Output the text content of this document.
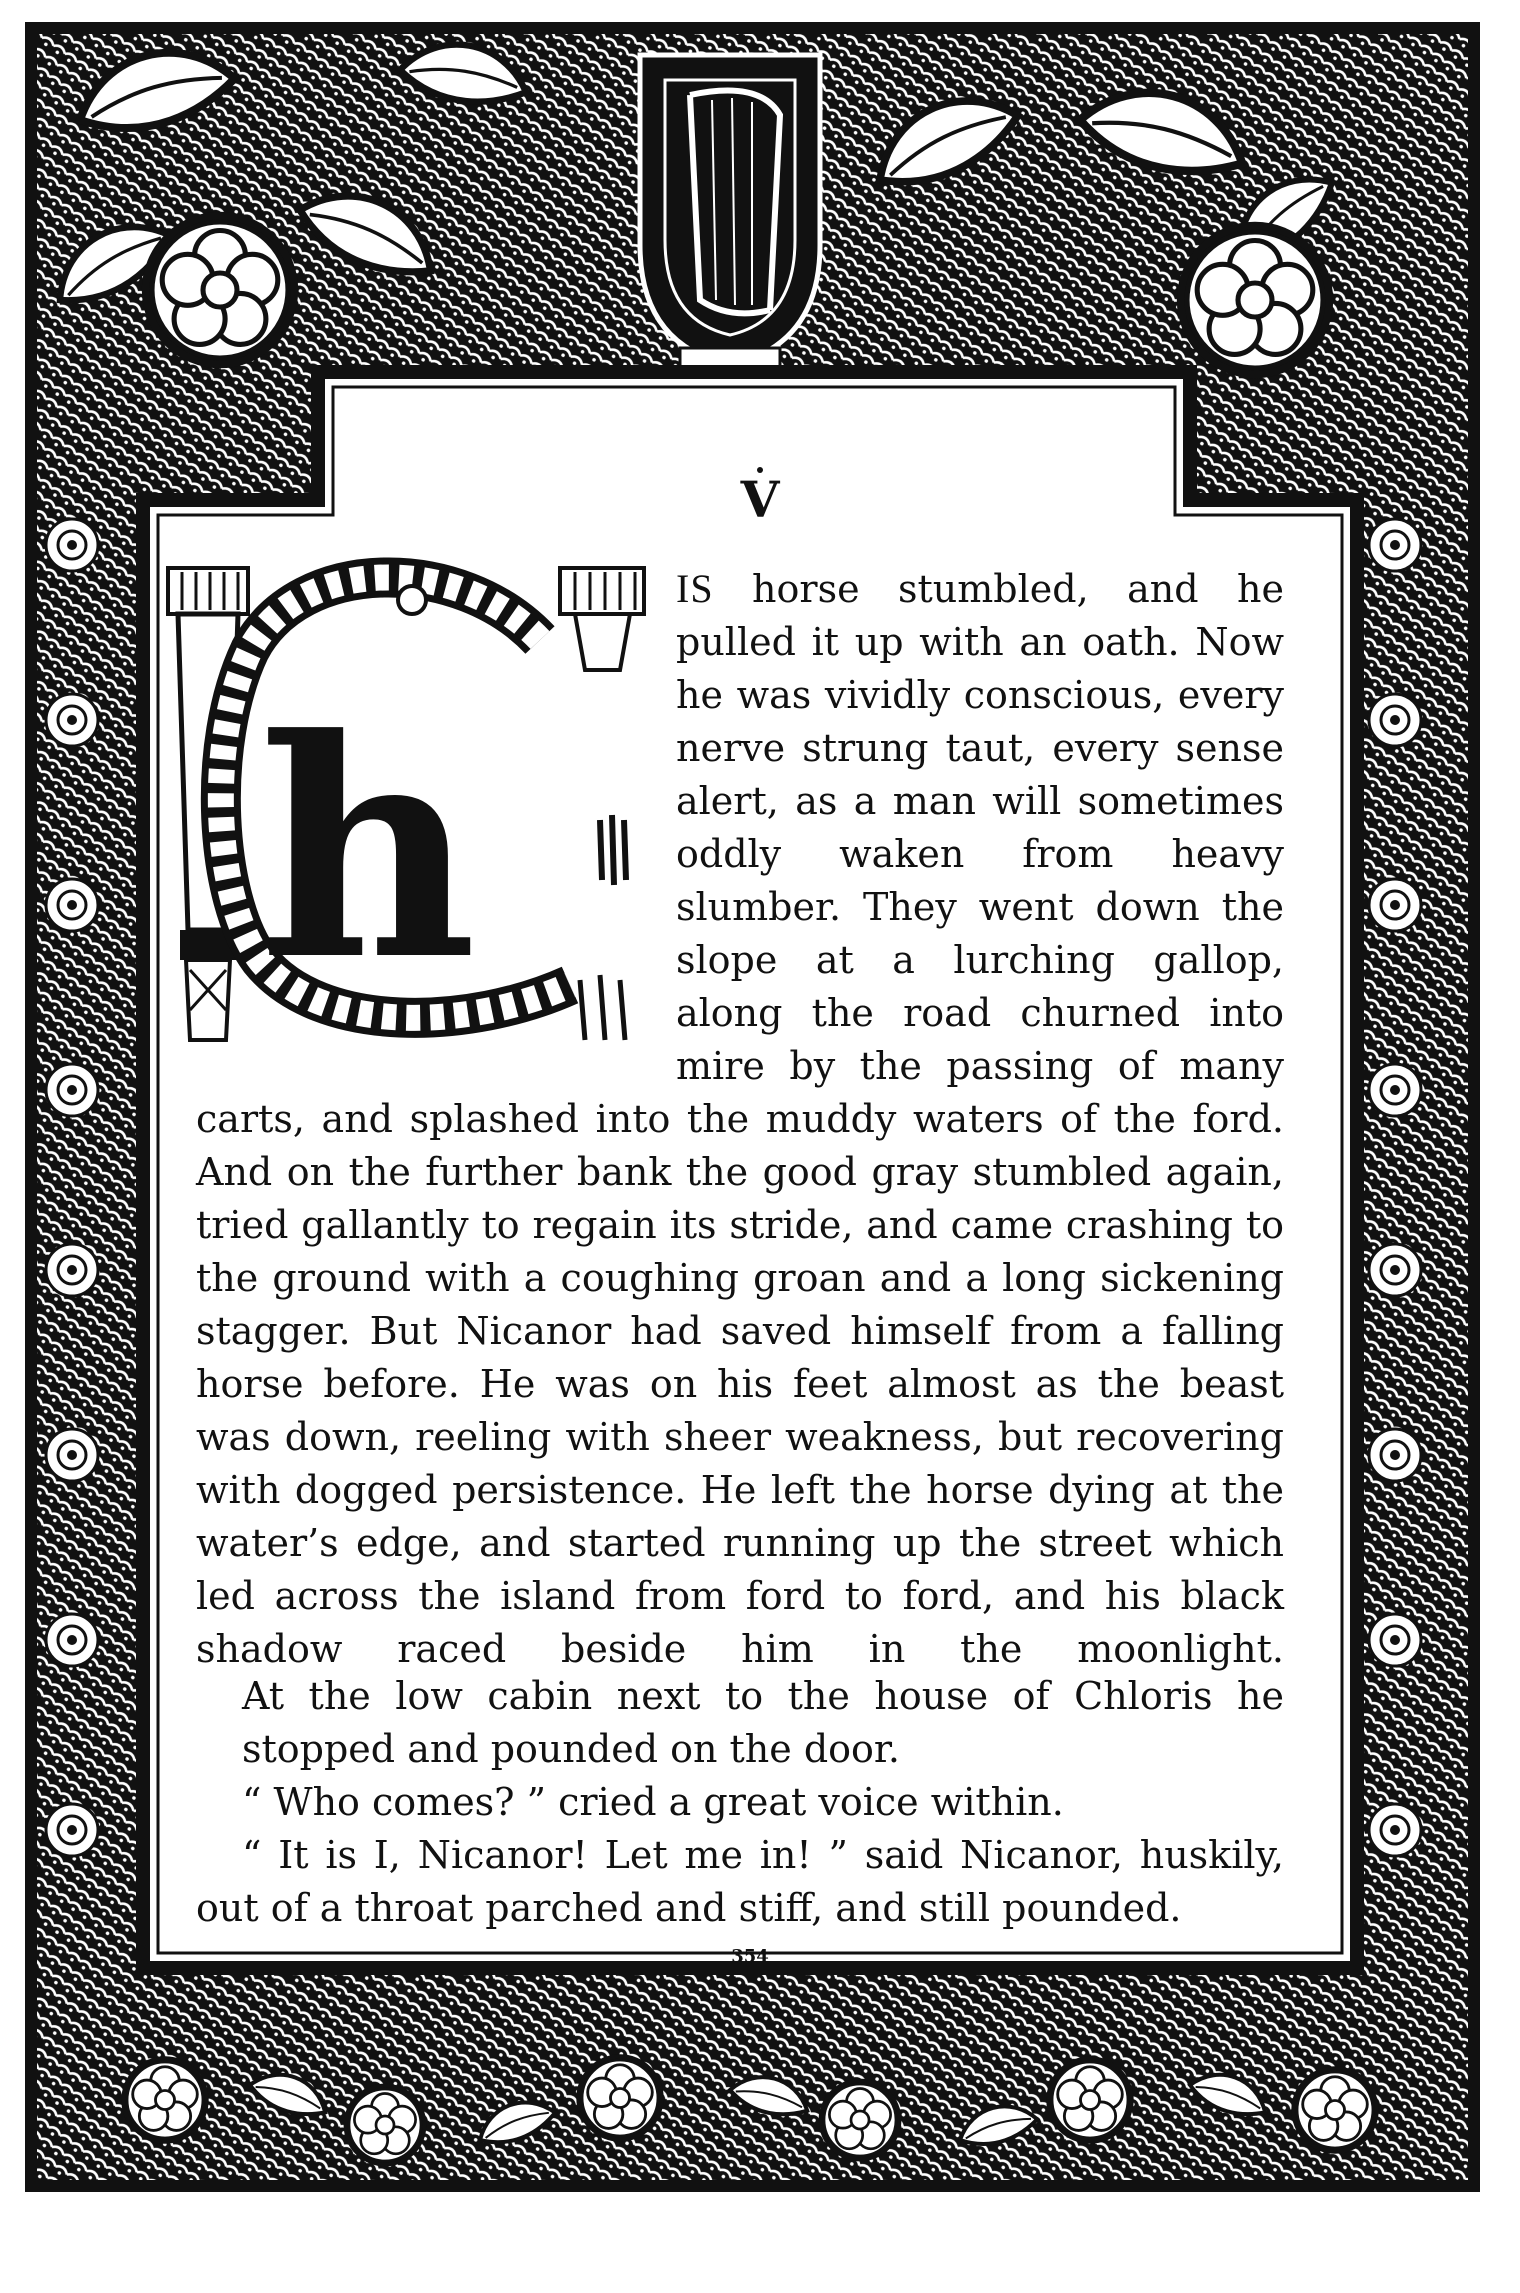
V
h

IS horse stumbled, and he pulled it up with an oath. Now he was vividly conscious, every nerve strung taut, every sense alert, as a man will sometimes oddly waken from heavy slumber. They went down the slope at a lurching gallop, along the road churned into mire by the passing of many carts, and splashed into the muddy waters of the ford. And on the further bank the good gray stumbled again, tried gallantly to regain its stride, and came crashing to the ground with a coughing groan and a long sickening stagger. But Nicanor had saved himself from a falling horse before. He was on his feet almost as the beast was down, reeling with sheer weakness, but recovering with dogged persistence. He left the horse dying at the water’s edge, and started running up the street which led across the island from ford to ford, and his black shadow raced beside him in the moonlight.

At the low cabin next to the house of Chloris he
stopped and pounded on the door.

“ Who comes? ” cried a great voice within.

“ It is I, Nicanor! Let me in! ” said Nicanor, huskily,

out of a throat parched and stiff, and still pounded.

354
